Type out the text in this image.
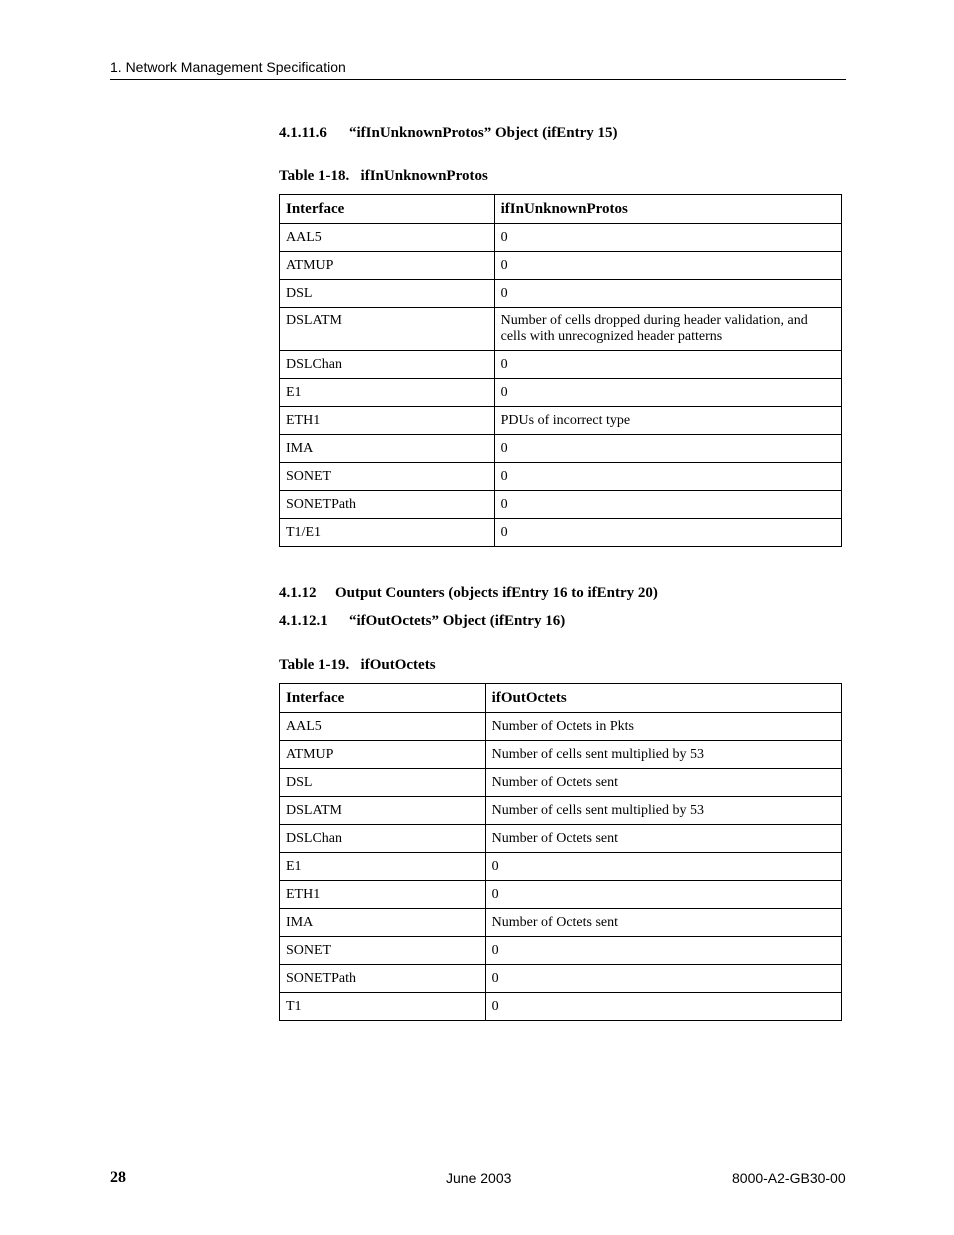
1. Network Management Specification
4.1.11.6 “ifInUnknownProtos” Object (ifEntry 15)
Table 1-18. ifInUnknownProtos
Interface	ifInUnknownProtos
AAL5	0
ATMUP	0
DSL	0
DSLATM	Number of cells dropped during header validation, and cells with unrecognized header patterns
DSLChan	0
E1	0
ETH1	PDUs of incorrect type
IMA	0
SONET	0
SONETPath	0
T1/E1	0
4.1.12 Output Counters (objects ifEntry 16 to ifEntry 20)
4.1.12.1 “ifOutOctets” Object (ifEntry 16)
Table 1-19. ifOutOctets
Interface	ifOutOctets
AAL5	Number of Octets in Pkts
ATMUP	Number of cells sent multiplied by 53
DSL	Number of Octets sent
DSLATM	Number of cells sent multiplied by 53
DSLChan	Number of Octets sent
E1	0
ETH1	0
IMA	Number of Octets sent
SONET	0
SONETPath	0
T1	0
28	June 2003	8000-A2-GB30-00
